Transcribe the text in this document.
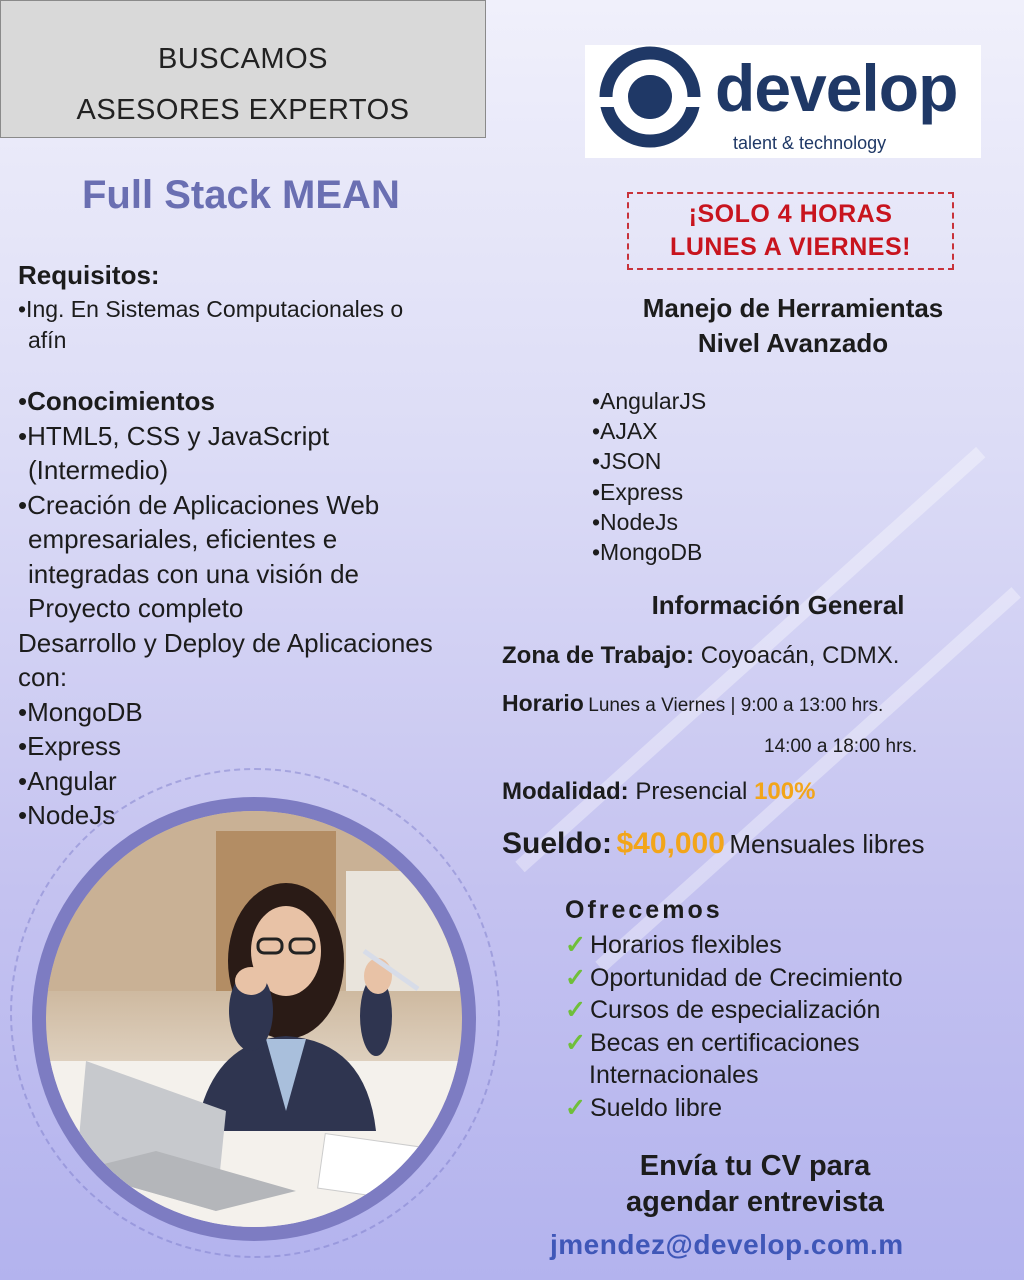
BUSCAMOS
ASESORES EXPERTOS	develop
talent & technology
Full Stack MEAN	¡SOLO 4 HORAS
LUNES A VIERNES!
Requisitos:
•Ing. En Sistemas Computacionales o
afín
•Conocimientos
•HTML5, CSS y JavaScript
(Intermedio)
•Creación de Aplicaciones Web
empresariales, eficientes e
integradas con una visión de
Proyecto completo
Desarrollo y Deploy de Aplicaciones
con:
•MongoDB
•Express
•Angular
•NodeJs
Manejo de Herramientas
Nivel Avanzado
•AngularJS
•AJAX
•JSON
•Express
•NodeJs
•MongoDB
Información General
Zona de Trabajo: Coyoacán, CDMX.
Horario Lunes a Viernes | 9:00 a 13:00 hrs.
14:00 a 18:00 hrs.
Modalidad: Presencial 100%
Sueldo: $40,000 Mensuales libres
Ofrecemos
✓ Horarios flexibles
✓ Oportunidad de Crecimiento
✓ Cursos de especialización
✓ Becas en certificaciones
Internacionales
✓ Sueldo libre
Envía tu CV para
agendar entrevista
jmendez@develop.com.m
